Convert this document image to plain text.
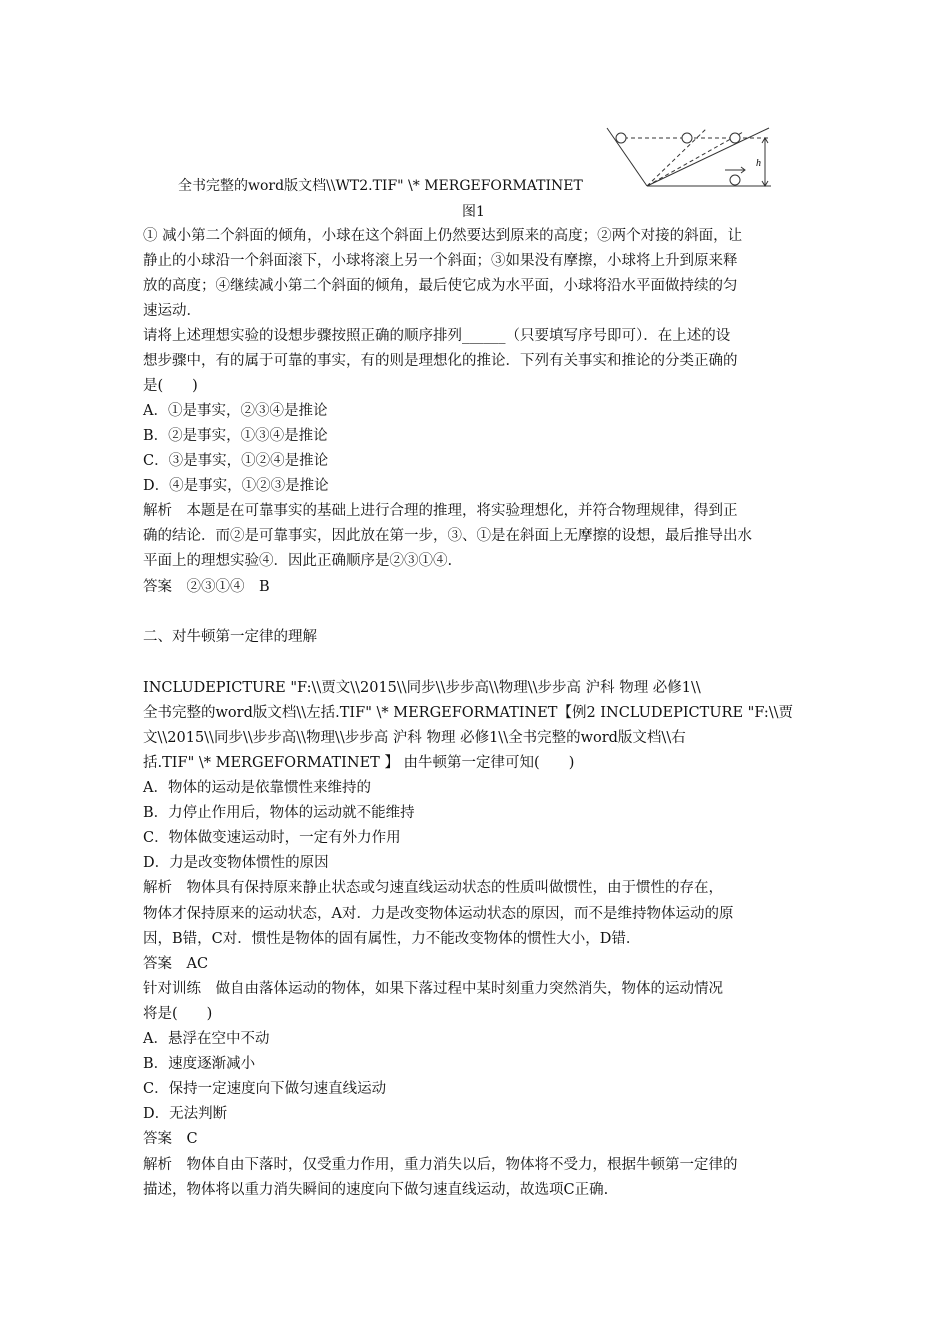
h
全书完整的word版文档\\WT2.TIF" \* MERGEFORMATINET
图1
① 减小第二个斜面的倾角，小球在这个斜面上仍然要达到原来的高度；②两个对接的斜面，让
静止的小球沿一个斜面滚下，小球将滚上另一个斜面；③如果没有摩擦，小球将上升到原来释
放的高度；④继续减小第二个斜面的倾角，最后使它成为水平面，小球将沿水平面做持续的匀
速运动．
请将上述理想实验的设想步骤按照正确的顺序排列______（只要填写序号即可）．在上述的设
想步骤中，有的属于可靠的事实，有的则是理想化的推论．下列有关事实和推论的分类正确的
是(　　)
A．①是事实，②③④是推论
B．②是事实，①③④是推论
C．③是事实，①②④是推论
D．④是事实，①②③是推论
解析　本题是在可靠事实的基础上进行合理的推理，将实验理想化，并符合物理规律，得到正
确的结论．而②是可靠事实，因此放在第一步，③、①是在斜面上无摩擦的设想，最后推导出水
平面上的理想实验④．因此正确顺序是②③①④.
答案　②③①④　B
二、对牛顿第一定律的理解
INCLUDEPICTURE "F:\\贾文\\2015\\同步\\步步高\\物理\\步步高 沪科 物理 必修1\\
全书完整的word版文档\\左括.TIF" \* MERGEFORMATINET【例2 INCLUDEPICTURE "F:\\贾
文\\2015\\同步\\步步高\\物理\\步步高 沪科 物理 必修1\\全书完整的word版文档\\右
括.TIF" \* MERGEFORMATINET 】 由牛顿第一定律可知(　　)
A．物体的运动是依靠惯性来维持的
B．力停止作用后，物体的运动就不能维持
C．物体做变速运动时，一定有外力作用
D．力是改变物体惯性的原因
解析　物体具有保持原来静止状态或匀速直线运动状态的性质叫做惯性，由于惯性的存在，
物体才保持原来的运动状态，A对．力是改变物体运动状态的原因，而不是维持物体运动的原
因，B错，C对．惯性是物体的固有属性，力不能改变物体的惯性大小，D错．
答案　AC
针对训练　做自由落体运动的物体，如果下落过程中某时刻重力突然消失，物体的运动情况
将是(　　)
A．悬浮在空中不动
B．速度逐渐减小
C．保持一定速度向下做匀速直线运动
D．无法判断
答案　C
解析　物体自由下落时，仅受重力作用，重力消失以后，物体将不受力，根据牛顿第一定律的
描述，物体将以重力消失瞬间的速度向下做匀速直线运动，故选项C正确.
